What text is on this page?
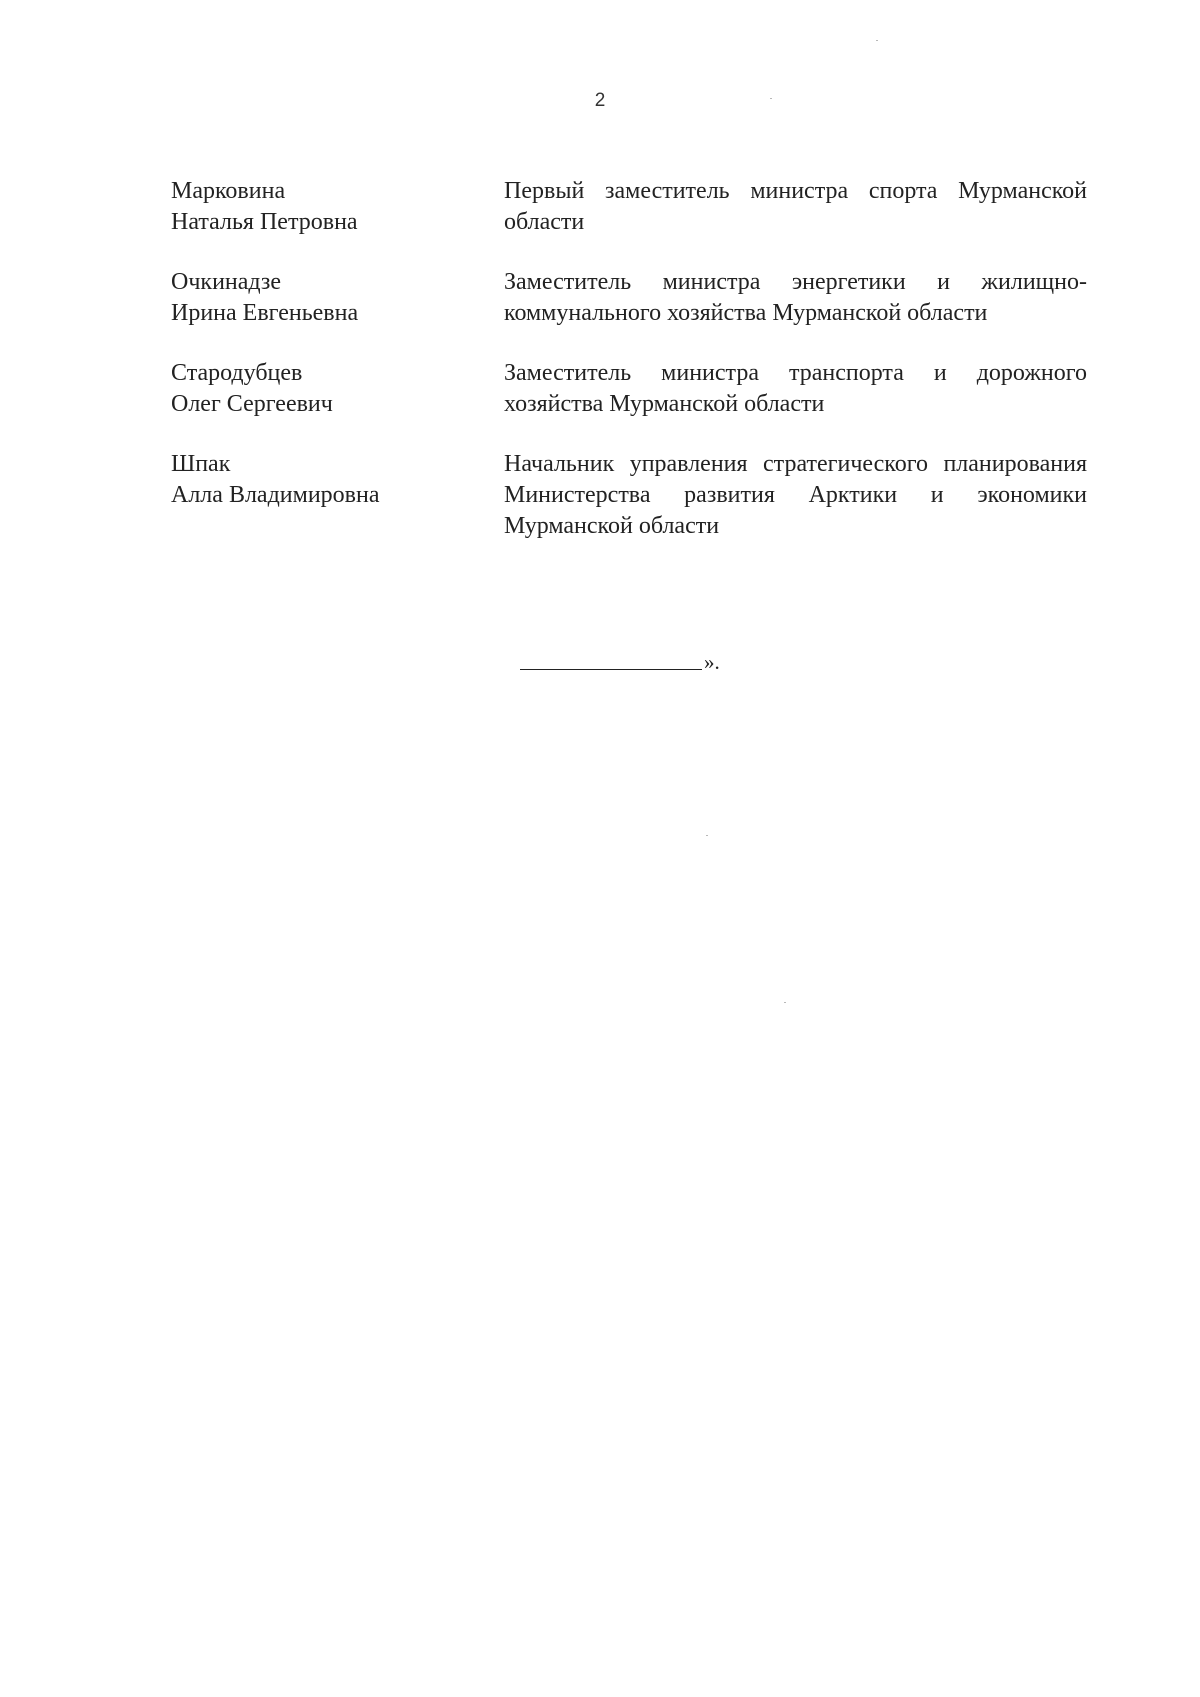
2
Марковина
Наталья Петровна
Первый заместитель министра спорта Мурманской области
Очкинадзе
Ирина Евгеньевна
Заместитель министра энергетики и жилищно-коммунального хозяйства Мурманской области
Стародубцев
Олег Сергеевич
Заместитель министра транспорта и дорожного хозяйства Мурманской области
Шпак
Алла Владимировна
Начальник управления стратегического планирования Министерства развития Арктики и экономики Мурманской области
».
